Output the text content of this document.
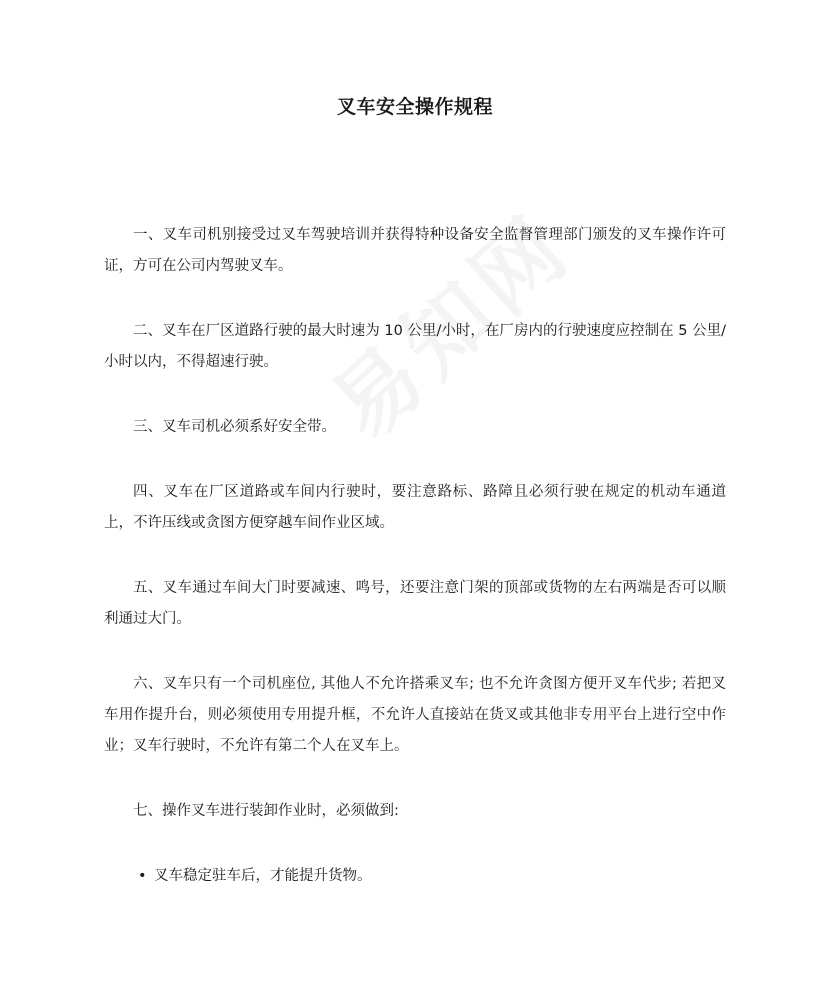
叉车安全操作规程

一、叉车司机别接受过叉车驾驶培训并获得特种设备安全监督管理部门颁发的叉车操作许可证，方可在公司内驾驶叉车。

二、叉车在厂区道路行驶的最大时速为 10 公里/小时，在厂房内的行驶速度应控制在 5 公里/小时以内，不得超速行驶。

三、叉车司机必须系好安全带。

四、叉车在厂区道路或车间内行驶时，要注意路标、路障且必须行驶在规定的机动车通道上，不许压线或贪图方便穿越车间作业区域。

五、叉车通过车间大门时要减速、鸣号，还要注意门架的顶部或货物的左右两端是否可以顺利通过大门。

六、叉车只有一个司机座位, 其他人不允许搭乘叉车; 也不允许贪图方便开叉车代步; 若把叉车用作提升台，则必须使用专用提升框，不允许人直接站在货叉或其他非专用平台上进行空中作业；叉车行驶时，不允许有第二个人在叉车上。

七、操作叉车进行装卸作业时，必须做到:

• 叉车稳定驻车后，才能提升货物。
